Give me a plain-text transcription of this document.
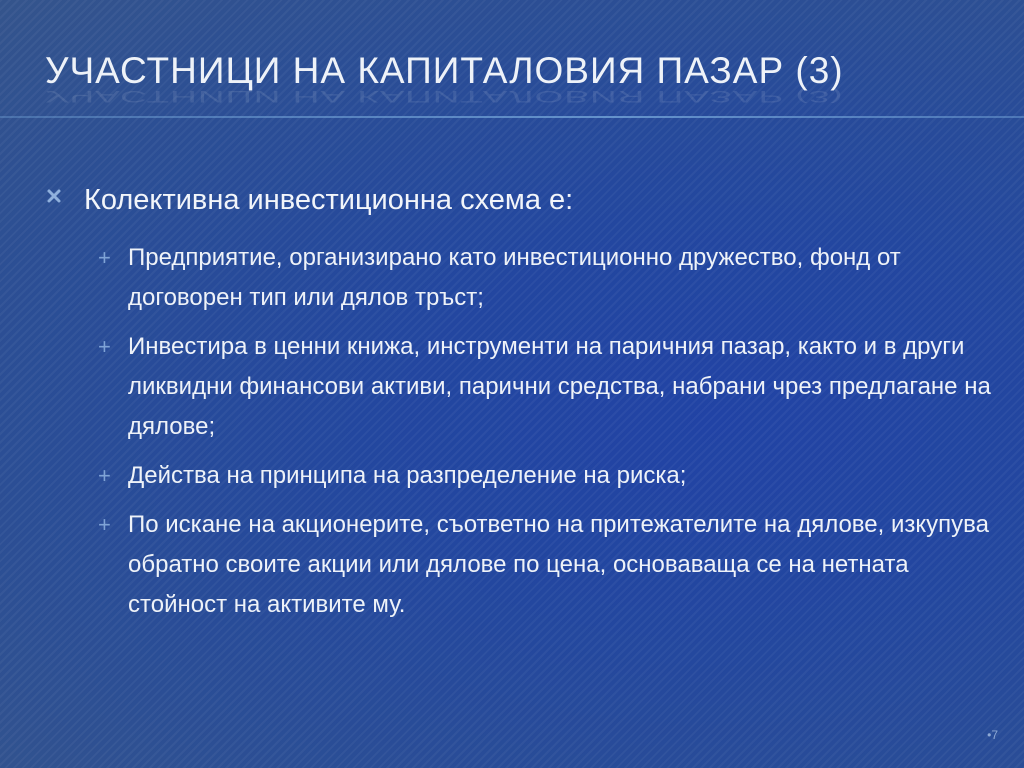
УЧАСТНИЦИ НА КАПИТАЛОВИЯ ПАЗАР (3)
УЧАСТНИЦИ НА КАПИТАЛОВИЯ ПАЗАР (3)
Колективна инвестиционна схема е:
+ Предприятие, организирано като инвестиционно дружество, фонд от договорен тип или дялов тръст;
+ Инвестира в ценни книжа, инструменти на паричния пазар, както и в други ликвидни финансови активи, парични средства, набрани чрез предлагане на дялове;
+ Действа на принципа на разпределение на риска;
+ По искане на акционерите, съответно на притежателите на дялове, изкупува обратно своите акции или дялове по цена, основаваща се на нетната стойност на активите му.
•7
